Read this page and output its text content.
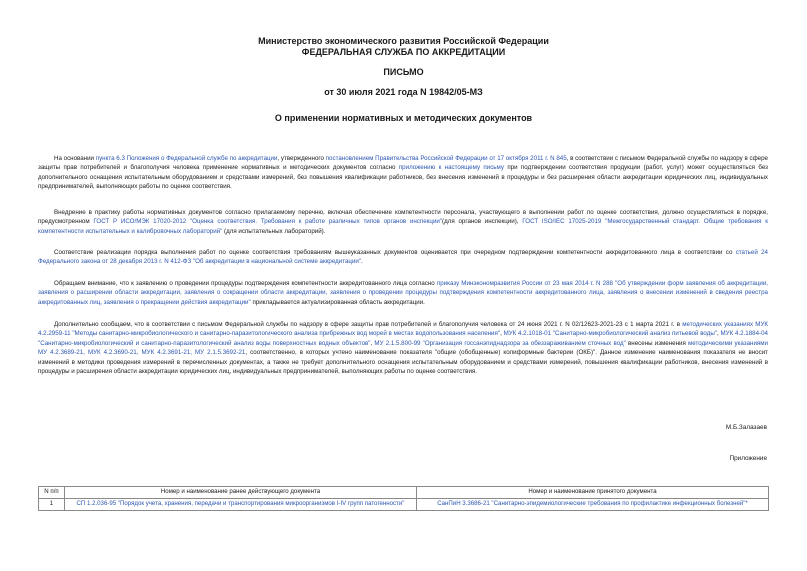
Министерство экономического развития Российской Федерации
ФЕДЕРАЛЬНАЯ СЛУЖБА ПО АККРЕДИТАЦИИ
ПИСЬМО
от 30 июля 2021 года N 19842/05-МЗ
О применении нормативных и методических документов
На основании пункта 6.3 Положения о Федеральной службе по аккредитации, утвержденного постановлением Правительства Российской Федерации от 17 октября 2011 г. N 845, в соответствии с письмом Федеральной службы по надзору в сфере защиты прав потребителей и благополучия человека применение нормативных и методических документов согласно приложению к настоящему письму при подтверждении соответствия продукции (работ, услуг) может осуществляться без дополнительного оснащения испытательным оборудованием и средствами измерений, без повышения квалификации работников, без внесения изменений в процедуры и без расширения области аккредитации юридических лиц, индивидуальных предпринимателей, выполняющих работы по оценке соответствия.
Внедрение в практику работы нормативных документов согласно прилагаемому перечню, включая обеспечение компетентности персонала, участвующего в выполнении работ по оценке соответствия, должно осуществляться в порядке, предусмотренном ГОСТ Р ИСО/МЭК 17020-2012 "Оценка соответствия. Требования к работе различных типов органов инспекции"(для органов инспекции), ГОСТ ISO/IEC 17025-2019 "Межгосударственный стандарт. Общие требования к компетентности испытательных и калибровочных лабораторий" (для испытательных лабораторий).
Соответствие реализации порядка выполнения работ по оценке соответствия требованиям вышеуказанных документов оценивается при очередном подтверждении компетентности аккредитованного лица в соответствии со статьей 24 Федерального закона от 28 декабря 2013 г. N 412-ФЗ "Об аккредитации в национальной системе аккредитации".
Обращаем внимание, что к заявлению о проведении процедуры подтверждения компетентности аккредитованного лица согласно приказу Минэкономразвития России от 23 мая 2014 г. N 288 "Об утверждении форм заявления об аккредитации, заявления о расширении области аккредитации, заявления о сокращении области аккредитации, заявления о проведении процедуры подтверждения компетентности аккредитованного лица, заявления о внесении изменений в сведения реестра аккредитованных лиц, заявления о прекращении действия аккредитации" прикладывается актуализированная область аккредитации.
Дополнительно сообщаем, что в соответствии с письмом Федеральной службы по надзору в сфере защиты прав потребителей и благополучия человека от 24 июня 2021 г. N 02/12623-2021-23 с 1 марта 2021 г. в методических указаниях МУК 4.2.2959-11 "Методы санитарно-микробиологического и санитарно-паразитологического анализа прибрежных вод морей в местах водопользования населения", МУК 4.2.1018-01 "Санитарно-микробиологический анализ питьевой воды", МУК 4.2.1884-04 "Санитарно-микробиологический и санитарно-паразитологический анализ воды поверхностных водных объектов", МУ 2.1.5.800-99 "Организация госсанэпиднадзора за обеззараживанием сточных вод" внесены изменения методическими указаниями МУ 4.2.3689-21, МУК 4.2.3690-21, МУК 4.2.3691-21, МУ 2.1.5.3692-21, соответственно, в которых учтено наименование показателя "общие (обобщенные) колиформные бактерии (ОКБ)". Данное изменение наименования показателя не вносит изменений в методики проведения измерений в перечисленных документах, а также не требует дополнительного оснащения испытательным оборудованием и средствами измерений, повышения квалификации работников, внесения изменений в процедуры и расширения области аккредитации юридических лиц, индивидуальных предпринимателей, выполняющих работы по оценке соответствия.
М.Б.Залазаев
Приложение
N п/п	Номер и наименование ранее действующего документа	Номер и наименование принятого документа
1	СП 1.2.036-95 "Порядок учета, хранения, передачи и транспортирования микроорганизмов I-IV групп патогенности"	СанПиН 3.3686-21 "Санитарно-эпидемиологические требования по профилактике инфекционных болезней"*
